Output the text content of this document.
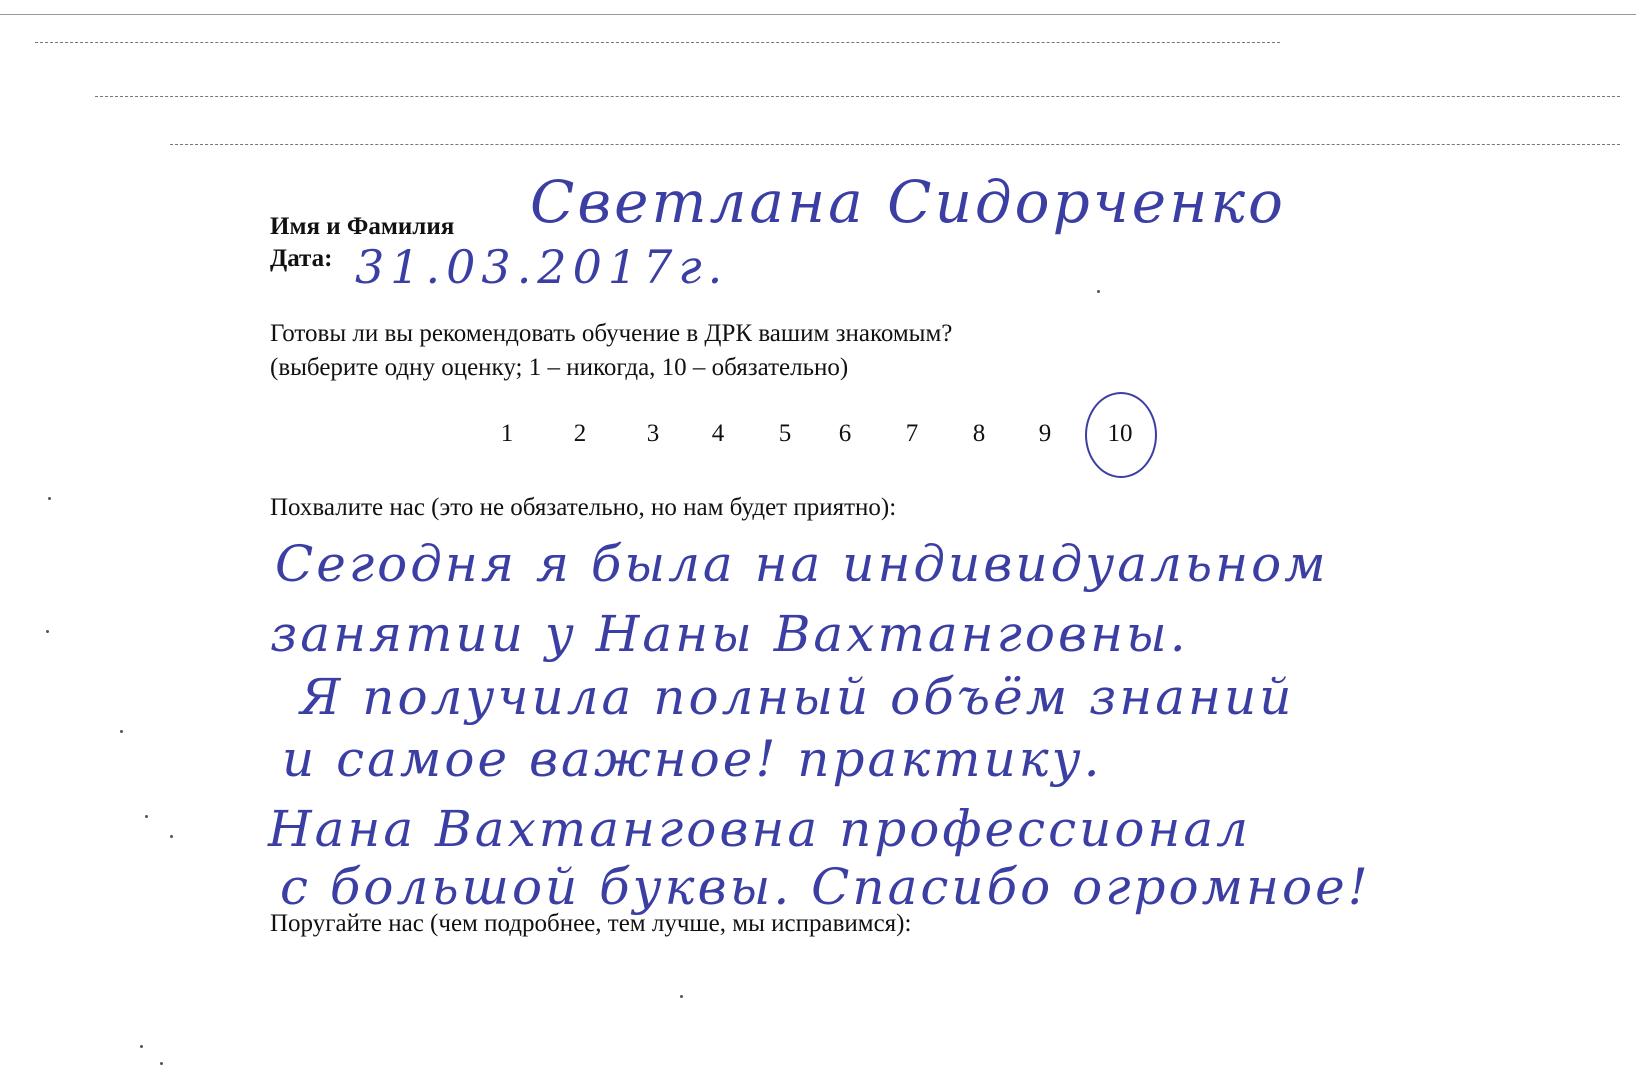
Имя и Фамилия Светлана Сидорченко
Дата: 31.03.2017г.
Готовы ли вы рекомендовать обучение в ДРК вашим знакомым?
(выберите одну оценку; 1 – никогда, 10 – обязательно)
1 2 3 4 5 6 7 8 9 10
Похвалите нас (это не обязательно, но нам будет приятно):
Сегодня я была на индивидуальном
занятии у Наны Вахтанговны.
Я получила полный объём знаний
и самое важное! практику.
Нана Вахтанговна профессионал
с большой буквы. Спасибо огромное!
Поругайте нас (чем подробнее, тем лучше, мы исправимся):
